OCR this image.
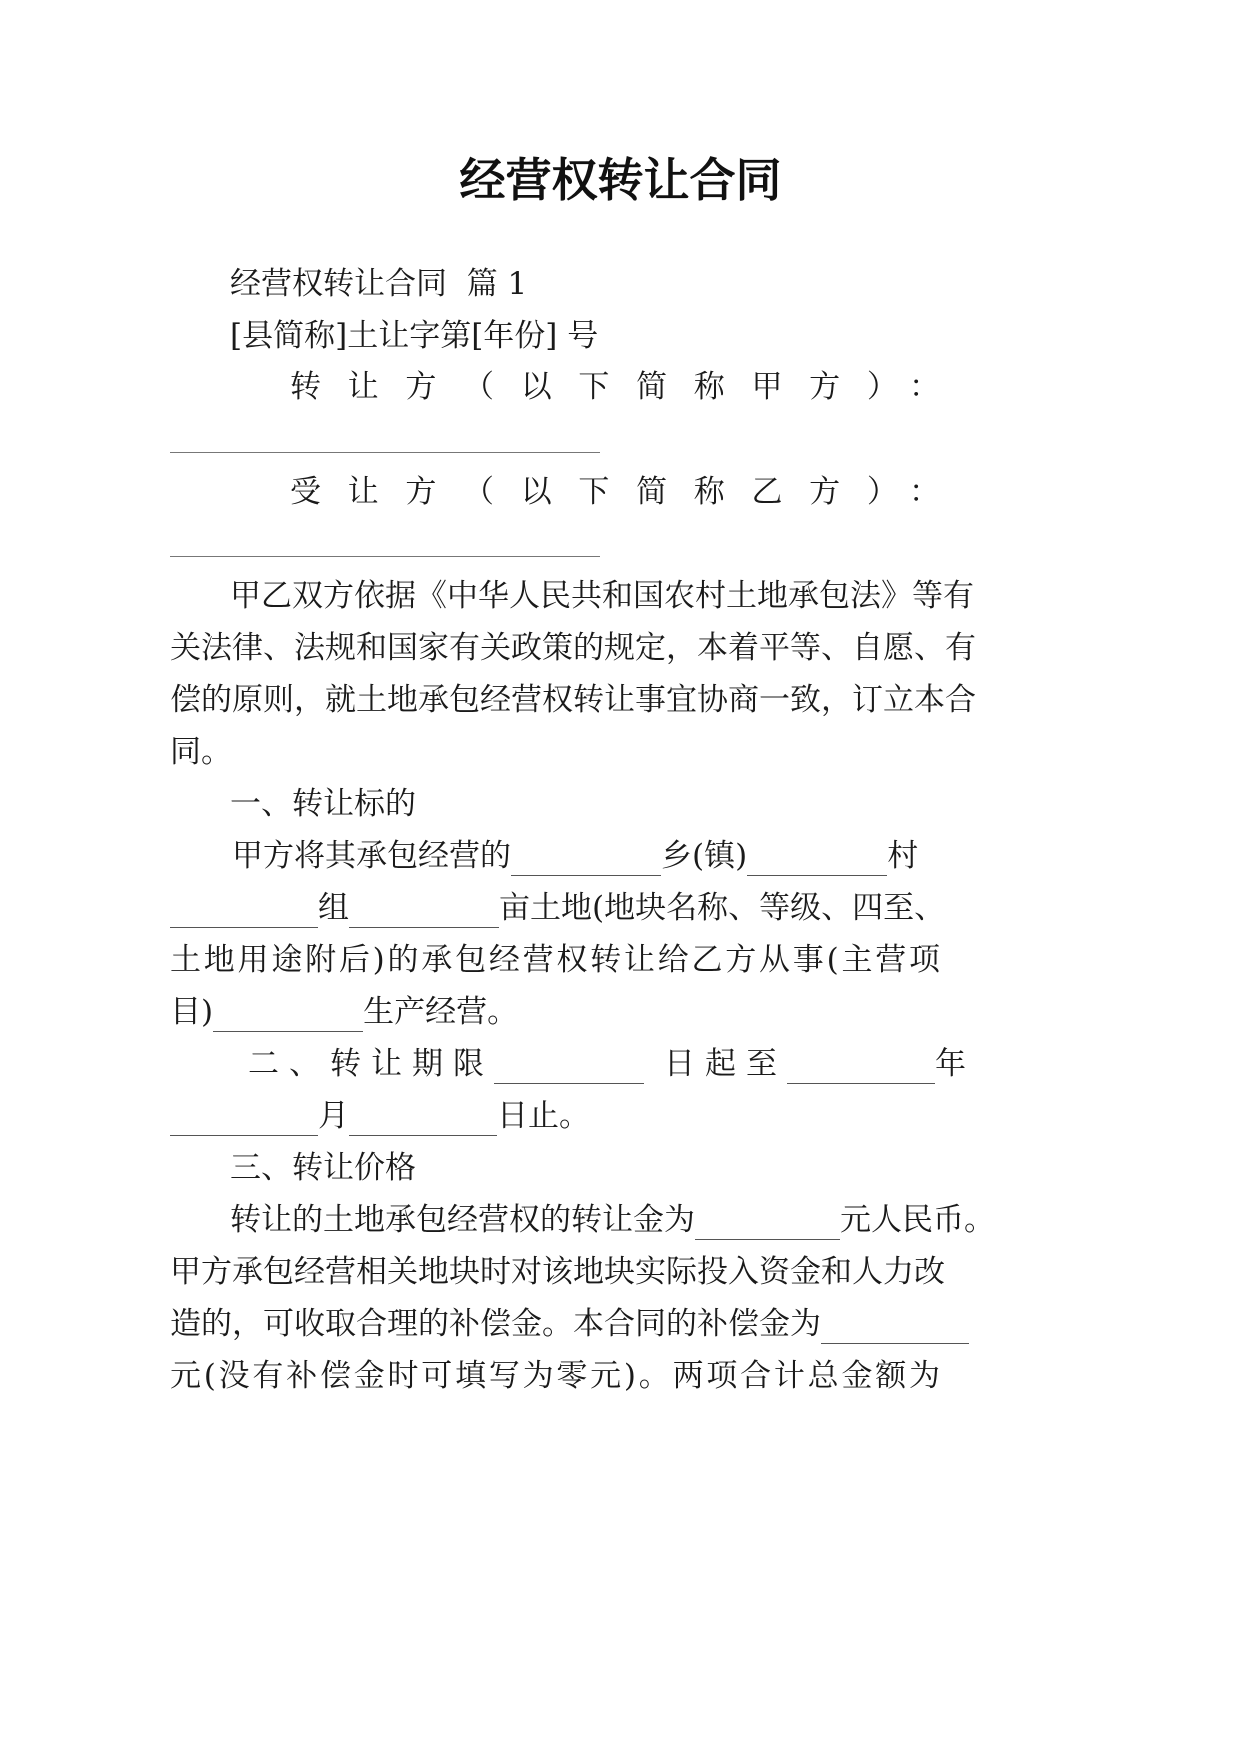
经营权转让合同
经营权转让合同  篇 1
[县简称]土让字第[年份] 号
转让方（以下简称甲方）：
受让方（以下简称乙方）：
甲乙双方依据《中华人民共和国农村土地承包法》等有
关法律、法规和国家有关政策的规定，本着平等、自愿、有
偿的原则，就土地承包经营权转让事宜协商一致，订立本合
同。
一、转让标的
甲方将其承包经营的	乡(镇)	村
组	亩土地(地块名称、等级、四至、
土地用途附后)的承包经营权转让给乙方从事(主营项
目)	生产经营。
二、转让期限	日起至	年
月	日止。
三、转让价格
转让的土地承包经营权的转让金为	元人民币。
甲方承包经营相关地块时对该地块实际投入资金和人力改
造的，可收取合理的补偿金。本合同的补偿金为
元(没有补偿金时可填写为零元)。两项合计总金额为
